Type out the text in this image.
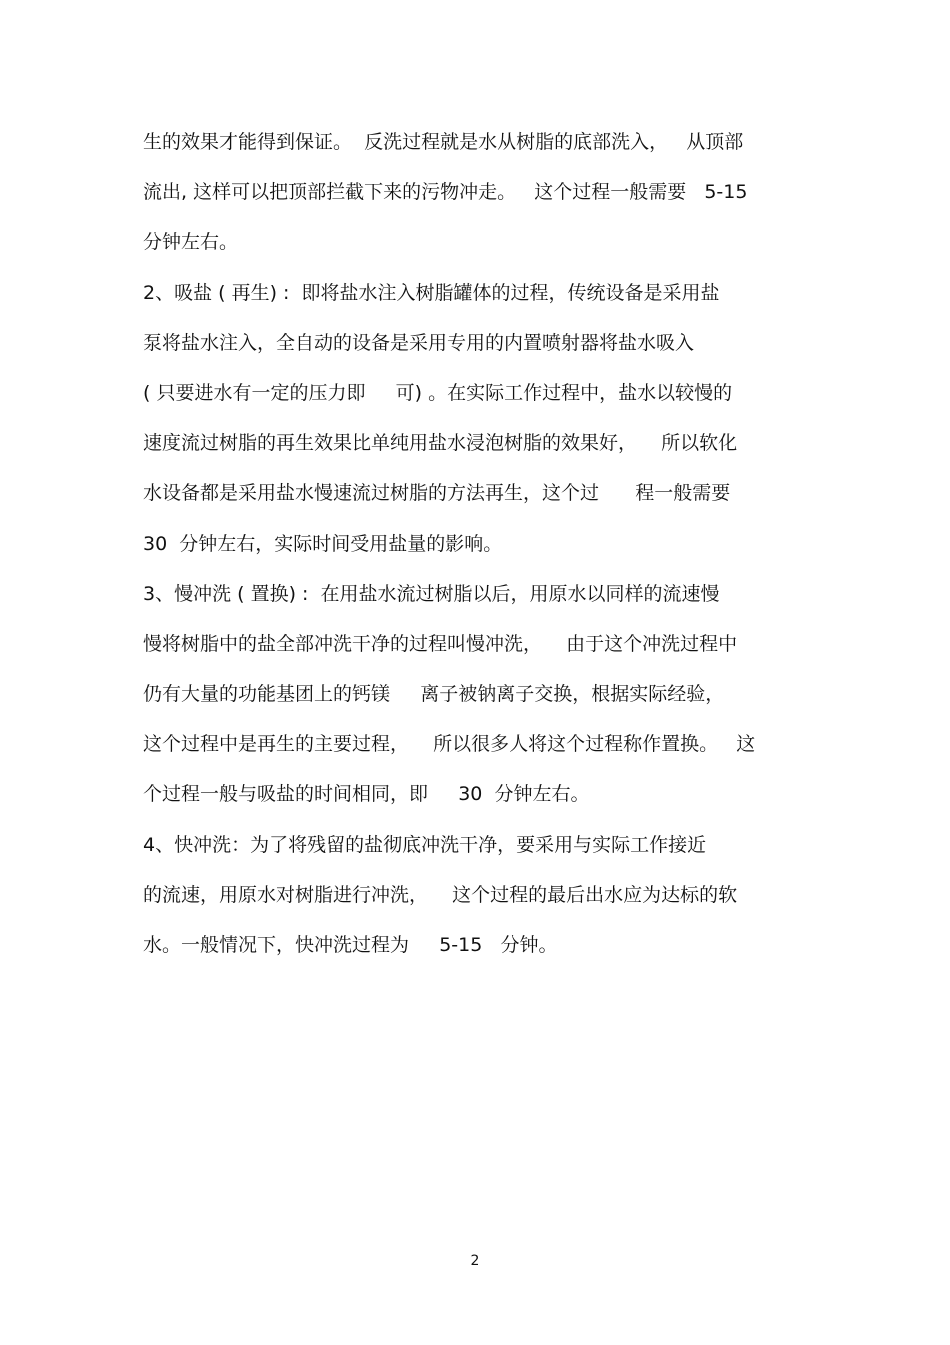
生的效果才能得到保证。  反洗过程就是水从树脂的底部洗入，   从顶部
流出, 这样可以把顶部拦截下来的污物冲走。   这个过程一般需要   5-15
分钟左右。
2、吸盐 ( 再生) :  即将盐水注入树脂罐体的过程，传统设备是采用盐
泵将盐水注入，全自动的设备是采用专用的内置喷射器将盐水吸入
( 只要进水有一定的压力即     可) 。在实际工作过程中，盐水以较慢的
速度流过树脂的再生效果比单纯用盐水浸泡树脂的效果好，    所以软化
水设备都是采用盐水慢速流过树脂的方法再生，这个过      程一般需要
30  分钟左右，实际时间受用盐量的影响。
3、慢冲洗 ( 置换) :  在用盐水流过树脂以后，用原水以同样的流速慢
慢将树脂中的盐全部冲洗干净的过程叫慢冲洗，    由于这个冲洗过程中
仍有大量的功能基团上的钙镁     离子被钠离子交换，根据实际经验，
这个过程中是再生的主要过程，    所以很多人将这个过程称作置换。   这
个过程一般与吸盐的时间相同，即     30  分钟左右。
4、快冲洗：为了将残留的盐彻底冲洗干净，要采用与实际工作接近
的流速，用原水对树脂进行冲洗，    这个过程的最后出水应为达标的软
水。一般情况下，快冲洗过程为     5-15   分钟。
2
